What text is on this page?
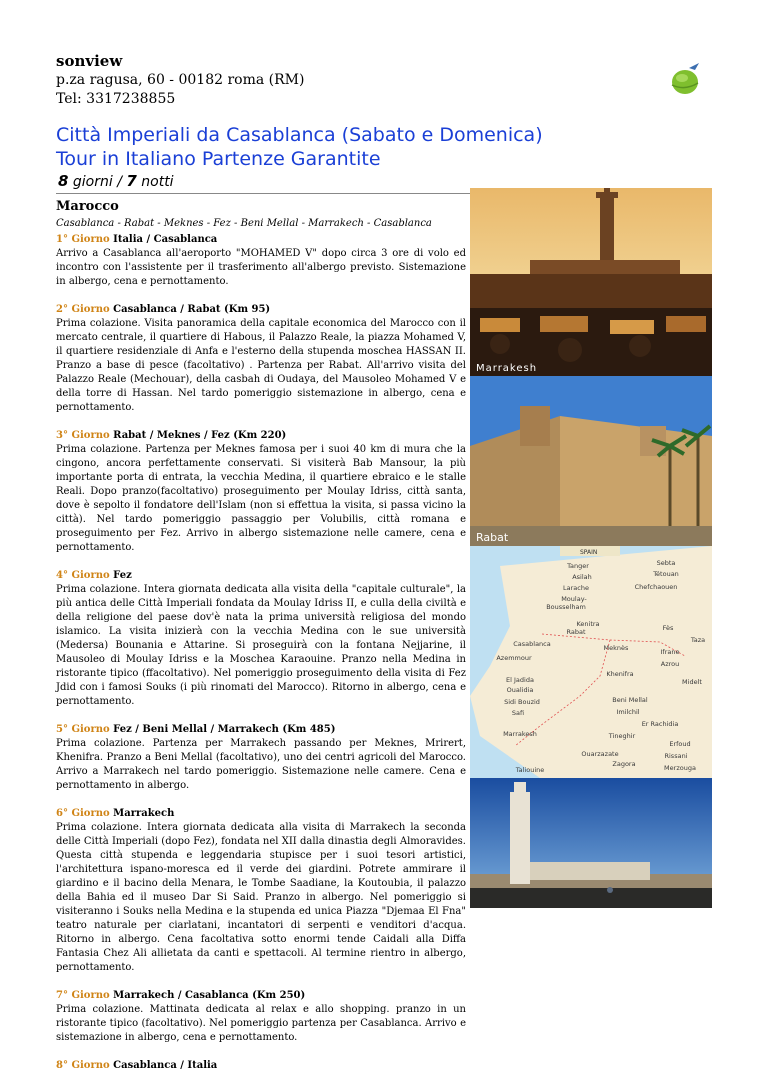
sonview
p.za ragusa, 60 - 00182 roma (RM)
Tel: 3317238855
Città Imperiali da Casablanca (Sabato e Domenica)
Tour in Italiano Partenze Garantite
8 giorni / 7 notti
Marocco
Casablanca - Rabat - Meknes - Fez - Beni Mellal - Marrakech - Casablanca
1° Giorno Italia / Casablanca
Arrivo a Casablanca all'aeroporto "MOHAMED V" dopo circa 3 ore di volo ed incontro con l'assistente per il trasferimento all'albergo previsto. Sistemazione in albergo, cena e pernottamento.
2° Giorno Casablanca / Rabat (Km 95)
Prima colazione. Visita panoramica della capitale economica del Marocco con il mercato centrale, il quartiere di Habous, il Palazzo Reale, la piazza Mohamed V, il quartiere residenziale di Anfa e l'esterno della stupenda moschea HASSAN II. Pranzo a base di pesce (facoltativo) . Partenza per Rabat. All'arrivo visita del Palazzo Reale (Mechouar), della casbah di Oudaya, del Mausoleo Mohamed V e della torre di Hassan. Nel tardo pomeriggio sistemazione in albergo, cena e pernottamento.
3° Giorno Rabat / Meknes / Fez (Km 220)
Prima colazione. Partenza per Meknes famosa per i suoi 40 km di mura che la cingono, ancora perfettamente conservati. Si visiterà Bab Mansour, la più importante porta di entrata, la vecchia Medina, il quartiere ebraico e le stalle Reali. Dopo pranzo(facoltativo) proseguimento per Moulay Idriss, città santa, dove è sepolto il fondatore dell'Islam (non si effettua la visita, si passa vicino la città). Nel tardo pomeriggio passaggio per Volubilis, città romana e proseguimento per Fez. Arrivo in albergo sistemazione nelle camere, cena e pernottamento.
4° Giorno Fez
Prima colazione. Intera giornata dedicata alla visita della "capitale culturale", la più antica delle Città Imperiali fondata da Moulay Idriss II, e culla della civiltà e della religione del paese dov'è nata la prima università religiosa del mondo islamico. La visita inizierà con la vecchia Medina con le sue università (Medersa) Bounania e Attarine. Si proseguirà con la fontana Nejjarine, il Mausoleo di Moulay Idriss e la Moschea Karaouine. Pranzo nella Medina in ristorante tipico (ffacoltativo). Nel pomeriggio proseguimento della visita di Fez Jdid con i famosi Souks (i più rinomati del Marocco). Ritorno in albergo, cena e pernottamento.
5° Giorno Fez / Beni Mellal / Marrakech (Km 485)
Prima colazione. Partenza per Marrakech passando per Meknes, Mrirert, Khenifra. Pranzo a Beni Mellal (facoltativo), uno dei centri agricoli del Marocco. Arrivo a Marrakech nel tardo pomeriggio. Sistemazione nelle camere. Cena e pernottamento in albergo.
6° Giorno Marrakech
Prima colazione. Intera giornata dedicata alla visita di Marrakech la seconda delle Città Imperiali (dopo Fez), fondata nel XII dalla dinastia degli Almoravides. Questa città stupenda e leggendaria stupisce per i suoi tesori artistici, l'architettura ispano-moresca ed il verde dei giardini. Potrete ammirare il giardino e il bacino della Menara, le Tombe Saadiane, la Koutoubia, il palazzo della Bahia ed il museo Dar Si Said. Pranzo in albergo. Nel pomeriggio si visiteranno i Souks nella Medina e la stupenda ed unica Piazza "Djemaa El Fna" teatro naturale per ciarlatani, incantatori di serpenti e venditori d'acqua. Ritorno in albergo. Cena facoltativa sotto enormi tende Caidali alla Diffa Fantasia Chez Ali allietata da canti e spettacoli. Al termine rientro in albergo, pernottamento.
7° Giorno Marrakech / Casablanca (Km 250)
Prima colazione. Mattinata dedicata al relax e allo shopping. pranzo in un ristorante tipico (facoltativo). Nel pomeriggio partenza per Casablanca. Arrivo e sistemazione in albergo, cena e pernottamento.
8° Giorno Casablanca / Italia
Marrakesh
Rabat
SPAIN
Tanger
Asilah
Larache
Moulay-
Bousselham
Sebta
Tétouan
Chefchaouen
Kenitra
Rabat	Fès
Taza
Casablanca	Meknès	Ifrane
Azemmour
Azrou
Khenifra
El Jadida
Oualidia
Midelt
Sidi Bouzid
Safi
Beni Mellal
Imilchil
Marrakesh
Er Rachidia
Tineghir
Erfoud
Rissani
Ouarzazate
Merzouga
Taliouine
Zagora
